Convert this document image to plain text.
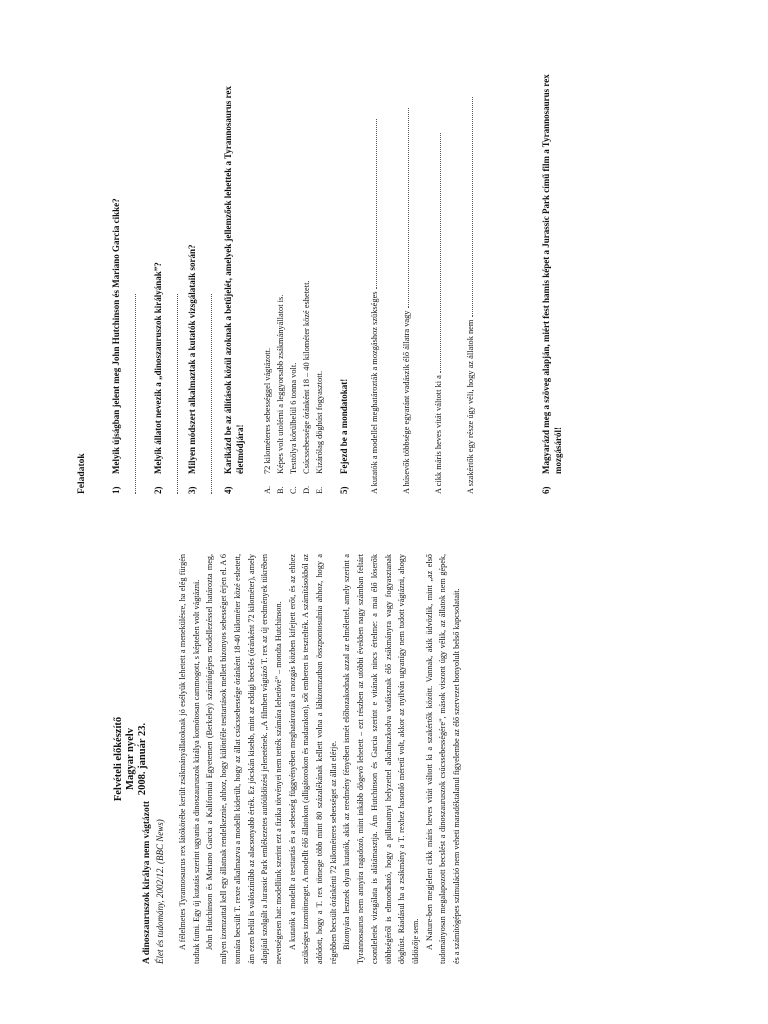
Felvételi előkészítő Magyar nyelv 2008. január 23.
A dinoszauruszok királya nem vágtázott Élet és tudomány, 2002/12. (BBC News) A félelmetes Tyrannosaurus rex látókörébe került zsákmányállatoknak jó esélyük lehetett a menekülésre, ha elég fürgén tudtak futni. Egy új kutatás szerint ugyanis a dinoszauruszok királya komótosan cammogott, s képtelen volt vágtázni. John Hutchinson és Mariano Garcia a Kaliforniai Egyetemen (Berkeley) számítógépes modellezéssel határozta meg, milyen izomzattal kell egy állatnak rendelkeznie, ahhoz, hogy különféle testtartások mellett bizonyos sebességet érjen el. A 6 tonnára becsült T. rexre alkalmazva a modellt kiderült, hogy az állat csúcssebessége óránként 18-40 kilométer közé eshetett, ám ezen belül is valószínűbb az alacsonyabb érték. Ez jócskán kisebb, mint az eddigi becslés (óránként 72 kilométer), amely alapjául szolgált a Jurassic Park emlékezetes autóüldözési jelenetének. „A filmben vágtázó T. rex az új eredmények tükrében nevetségesen hat: modellünk szerint ezt a fizika törvényei nem tették számára lehetővé” – mondta Hutchinson. A kutatók a modellt a testtartás és a sebesség függvényében meghatározták a mozgás közben kifejtett erőt, és az ehhez szükséges izomtömeget. A modellt élő állatokon (alligátorokon és madarakon), sőt emberen is tesztelték. A számításokból az adódott, hogy a T. rex tömege több mint 80 százalékának kellett volna a lábizomzatban összpontosulnia ahhoz, hogy a régebben becsült óránkénti 72 kilométeres sebességet az állat elérje. Bizonyára lesznek olyan kutatók, akik az eredmény fényében ismét előhozakodnak azzal az elmélettel, amely szerint a Tyrannosaurus nem annyira ragadozó, mint inkább dögevő lehetett – ezt részben az utóbbi években nagy számban feltárt csontleletek vizsgálata is alátámasztja. Ám Hutchinson és Garcia szerint e vitának nincs értelme: a mai élő lóserők többségéről is elmondható, hogy a pillanatnyi helyzettel alkalmazkodva vadásznak élő zsákmányra vagy fogyasztanak döghúst. Ráadásul ha a zsákmány a T. rexhez hasonló méretű volt, akkor az nyilván ugyanígy nem tudott vágtázni, ahogy üldözője sem. A Nature-ben megjelent cikk máris heves vitát váltott ki a szakértők között. Vannak, akik üdvözlik, mint „az első tudományosan megalapozott becslést a dinoszauruszok csúcssebességére”, mások viszont úgy vélik, az állatok nem gépek, és a számítógépes szimuláció nem veheti maradéktalanul figyelembe az élő szervezet bonyolult belső kapcsolatait.

Feladatok	1)Melyik újságban jelent meg John Hutchinson és Mariano Garcia cikke?
2)Melyik állatot nevezik a „dinoszauruszok királyának”?
3)Milyen módszert alkalmaztak a kutatók vizsgálataik során?
4)Karikázd be az állítások közül azoknak a betűjelét, amelyek jellemzőek lehettek a Tyrannosaurus rex életmódjára!
A.72 kilométeres sebességgel vágtázott.
B.Képes volt utolérni a leggyorsabb zsákmányállatot is.
C.Testtölya körülbelül 6 tonna volt.
D.Csúcssebessége óránként 18 – 40 kilométer közé eshetett.
E.Kizárólag döghúst fogyasztott.
5)Fejezd be a mondatokat!	A kutatók a modellel meghatározták a mozgáshoz szükséges	A húsevők többsége egyaránt vadászik élő állatra vagy	A cikk máris heves vitát váltott ki a	A szakértők egy része úgy véli, hogy az állatok nem	6)Magyarázd meg a szöveg alapján, miért fest hamis képet a Jurassic Park című film a Tyrannosaurus rex mozgásáról!
